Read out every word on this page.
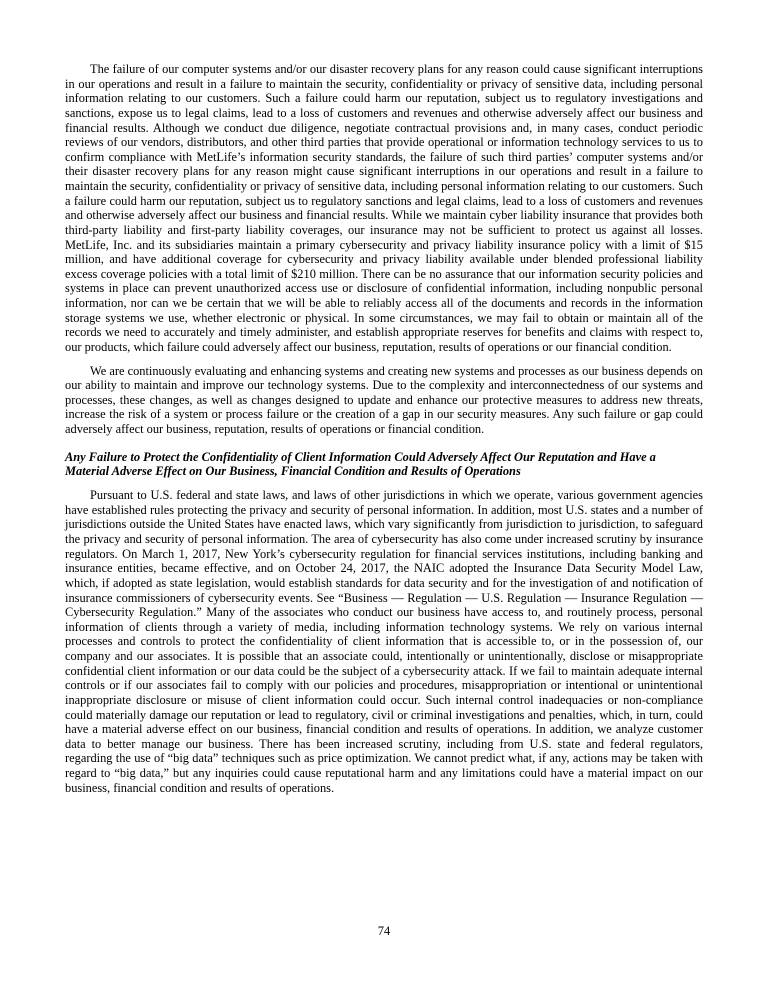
The failure of our computer systems and/or our disaster recovery plans for any reason could cause significant interruptions in our operations and result in a failure to maintain the security, confidentiality or privacy of sensitive data, including personal information relating to our customers. Such a failure could harm our reputation, subject us to regulatory investigations and sanctions, expose us to legal claims, lead to a loss of customers and revenues and otherwise adversely affect our business and financial results. Although we conduct due diligence, negotiate contractual provisions and, in many cases, conduct periodic reviews of our vendors, distributors, and other third parties that provide operational or information technology services to us to confirm compliance with MetLife’s information security standards, the failure of such third parties’ computer systems and/or their disaster recovery plans for any reason might cause significant interruptions in our operations and result in a failure to maintain the security, confidentiality or privacy of sensitive data, including personal information relating to our customers. Such a failure could harm our reputation, subject us to regulatory sanctions and legal claims, lead to a loss of customers and revenues and otherwise adversely affect our business and financial results. While we maintain cyber liability insurance that provides both third-party liability and first-party liability coverages, our insurance may not be sufficient to protect us against all losses. MetLife, Inc. and its subsidiaries maintain a primary cybersecurity and privacy liability insurance policy with a limit of $15 million, and have additional coverage for cybersecurity and privacy liability available under blended professional liability excess coverage policies with a total limit of $210 million. There can be no assurance that our information security policies and systems in place can prevent unauthorized access use or disclosure of confidential information, including nonpublic personal information, nor can we be certain that we will be able to reliably access all of the documents and records in the information storage systems we use, whether electronic or physical. In some circumstances, we may fail to obtain or maintain all of the records we need to accurately and timely administer, and establish appropriate reserves for benefits and claims with respect to, our products, which failure could adversely affect our business, reputation, results of operations or our financial condition.

We are continuously evaluating and enhancing systems and creating new systems and processes as our business depends on our ability to maintain and improve our technology systems. Due to the complexity and interconnectedness of our systems and processes, these changes, as well as changes designed to update and enhance our protective measures to address new threats, increase the risk of a system or process failure or the creation of a gap in our security measures. Any such failure or gap could adversely affect our business, reputation, results of operations or financial condition.

Any Failure to Protect the Confidentiality of Client Information Could Adversely Affect Our Reputation and Have a Material Adverse Effect on Our Business, Financial Condition and Results of Operations

Pursuant to U.S. federal and state laws, and laws of other jurisdictions in which we operate, various government agencies have established rules protecting the privacy and security of personal information. In addition, most U.S. states and a number of jurisdictions outside the United States have enacted laws, which vary significantly from jurisdiction to jurisdiction, to safeguard the privacy and security of personal information. The area of cybersecurity has also come under increased scrutiny by insurance regulators. On March 1, 2017, New York’s cybersecurity regulation for financial services institutions, including banking and insurance entities, became effective, and on October 24, 2017, the NAIC adopted the Insurance Data Security Model Law, which, if adopted as state legislation, would establish standards for data security and for the investigation of and notification of insurance commissioners of cybersecurity events. See “Business — Regulation — U.S. Regulation — Insurance Regulation — Cybersecurity Regulation.” Many of the associates who conduct our business have access to, and routinely process, personal information of clients through a variety of media, including information technology systems. We rely on various internal processes and controls to protect the confidentiality of client information that is accessible to, or in the possession of, our company and our associates. It is possible that an associate could, intentionally or unintentionally, disclose or misappropriate confidential client information or our data could be the subject of a cybersecurity attack. If we fail to maintain adequate internal controls or if our associates fail to comply with our policies and procedures, misappropriation or intentional or unintentional inappropriate disclosure or misuse of client information could occur. Such internal control inadequacies or non-compliance could materially damage our reputation or lead to regulatory, civil or criminal investigations and penalties, which, in turn, could have a material adverse effect on our business, financial condition and results of operations. In addition, we analyze customer data to better manage our business. There has been increased scrutiny, including from U.S. state and federal regulators, regarding the use of “big data” techniques such as price optimization. We cannot predict what, if any, actions may be taken with regard to “big data,” but any inquiries could cause reputational harm and any limitations could have a material impact on our business, financial condition and results of operations.

74
